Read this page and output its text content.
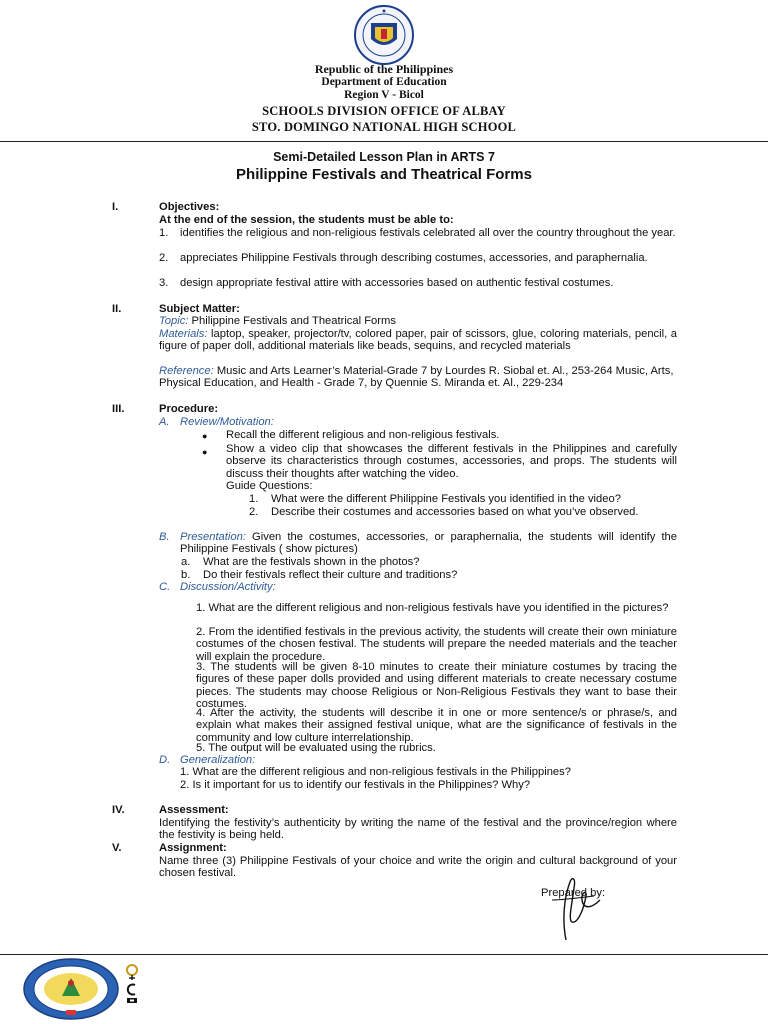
Republic of the Philippines
Department of Education
Region V - Bicol
SCHOOLS DIVISION OFFICE OF ALBAY
STO. DOMINGO NATIONAL HIGH SCHOOL
Semi-Detailed Lesson Plan in ARTS 7
Philippine Festivals and Theatrical Forms
I.	Objectives:
At the end of the session, the students must be able to:
1. identifies the religious and non-religious festivals celebrated all over the country throughout the year.
2. appreciates Philippine Festivals through describing costumes, accessories, and paraphernalia.
3. design appropriate festival attire with accessories based on authentic festival costumes.
II.	Subject Matter:
Topic: Philippine Festivals and Theatrical Forms
Materials: laptop, speaker, projector/tv, colored paper, pair of scissors, glue, coloring materials, pencil, a figure of paper doll, additional materials like beads, sequins, and recycled materials
Reference: Music and Arts Learner’s Material-Grade 7 by Lourdes R. Siobal et. Al., 253-264 Music, Arts, Physical Education, and Health - Grade 7, by Quennie S. Miranda et. Al., 229-234
III.	Procedure:
A. Review/Motivation:
● Recall the different religious and non-religious festivals.
● Show a video clip that showcases the different festivals in the Philippines and carefully observe its characteristics through costumes, accessories, and props. The students will discuss their thoughts after watching the video.
Guide Questions:
1. What were the different Philippine Festivals you identified in the video?
2. Describe their costumes and accessories based on what you’ve observed.
B. Presentation: Given the costumes, accessories, or paraphernalia, the students will identify the Philippine Festivals ( show pictures)
a. What are the festivals shown in the photos?
b. Do their festivals reflect their culture and traditions?
C. Discussion/Activity:
1. What are the different religious and non-religious festivals have you identified in the pictures?
2. From the identified festivals in the previous activity, the students will create their own miniature costumes of the chosen festival. The students will prepare the needed materials and the teacher will explain the procedure.
3. The students will be given 8-10 minutes to create their miniature costumes by tracing the figures of these paper dolls provided and using different materials to create necessary costume pieces. The students may choose Religious or Non-Religious Festivals they want to base their costumes.
4. After the activity, the students will describe it in one or more sentence/s or phrase/s, and explain what makes their assigned festival unique, what are the significance of festivals in the community and low culture interrelationship.
5. The output will be evaluated using the rubrics.
D. Generalization:
1. What are the different religious and non-religious festivals in the Philippines?
2. Is it important for us to identify our festivals in the Philippines? Why?
IV.	Assessment:
Identifying the festivity’s authenticity by writing the name of the festival and the province/region where the festivity is being held.
V.	Assignment:
Name three (3) Philippine Festivals of your choice and write the origin and cultural background of your chosen festival.
Prepared by:
